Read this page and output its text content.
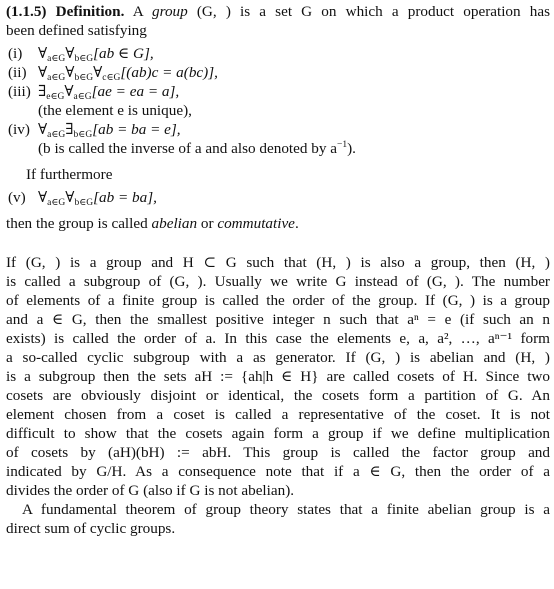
(1.1.5) Definition. A group (G, ) is a set G on which a product operation has
been defined satisfying
(i) ∀a∈G∀b∈G[ab ∈ G],
(ii) ∀a∈G∀b∈G∀c∈G[(ab)c = a(bc)],
(iii) ∃e∈G∀a∈G[ae = ea = a],
(the element e is unique),
(iv) ∀a∈G∃b∈G[ab = ba = e],
(b is called the inverse of a and also denoted by $a^{-1}$).
If furthermore
(v) ∀a∈G∀b∈G[ab = ba],
then the group is called abelian or commutative.
If (G, ) is a group and H ⊂ G such that (H, ) is also a group, then (H, )
is called a subgroup of (G, ). Usually we write G instead of (G, ). The number
of elements of a finite group is called the order of the group. If (G, ) is a group
and a ∈ G, then the smallest positive integer n such that aⁿ = e (if such an n
exists) is called the order of a. In this case the elements e, a, a², …, aⁿ⁻¹ form
a so-called cyclic subgroup with a as generator. If (G, ) is abelian and (H, )
is a subgroup then the sets aH := {ah|h ∈ H} are called cosets of H. Since two
cosets are obviously disjoint or identical, the cosets form a partition of G. An
element chosen from a coset is called a representative of the coset. It is not
difficult to show that the cosets again form a group if we define multiplication
of cosets by (aH)(bH) := abH. This group is called the factor group and
indicated by G/H. As a consequence note that if a ∈ G, then the order of a
divides the order of G (also if G is not abelian).
A fundamental theorem of group theory states that a finite abelian group is a
direct sum of cyclic groups.
